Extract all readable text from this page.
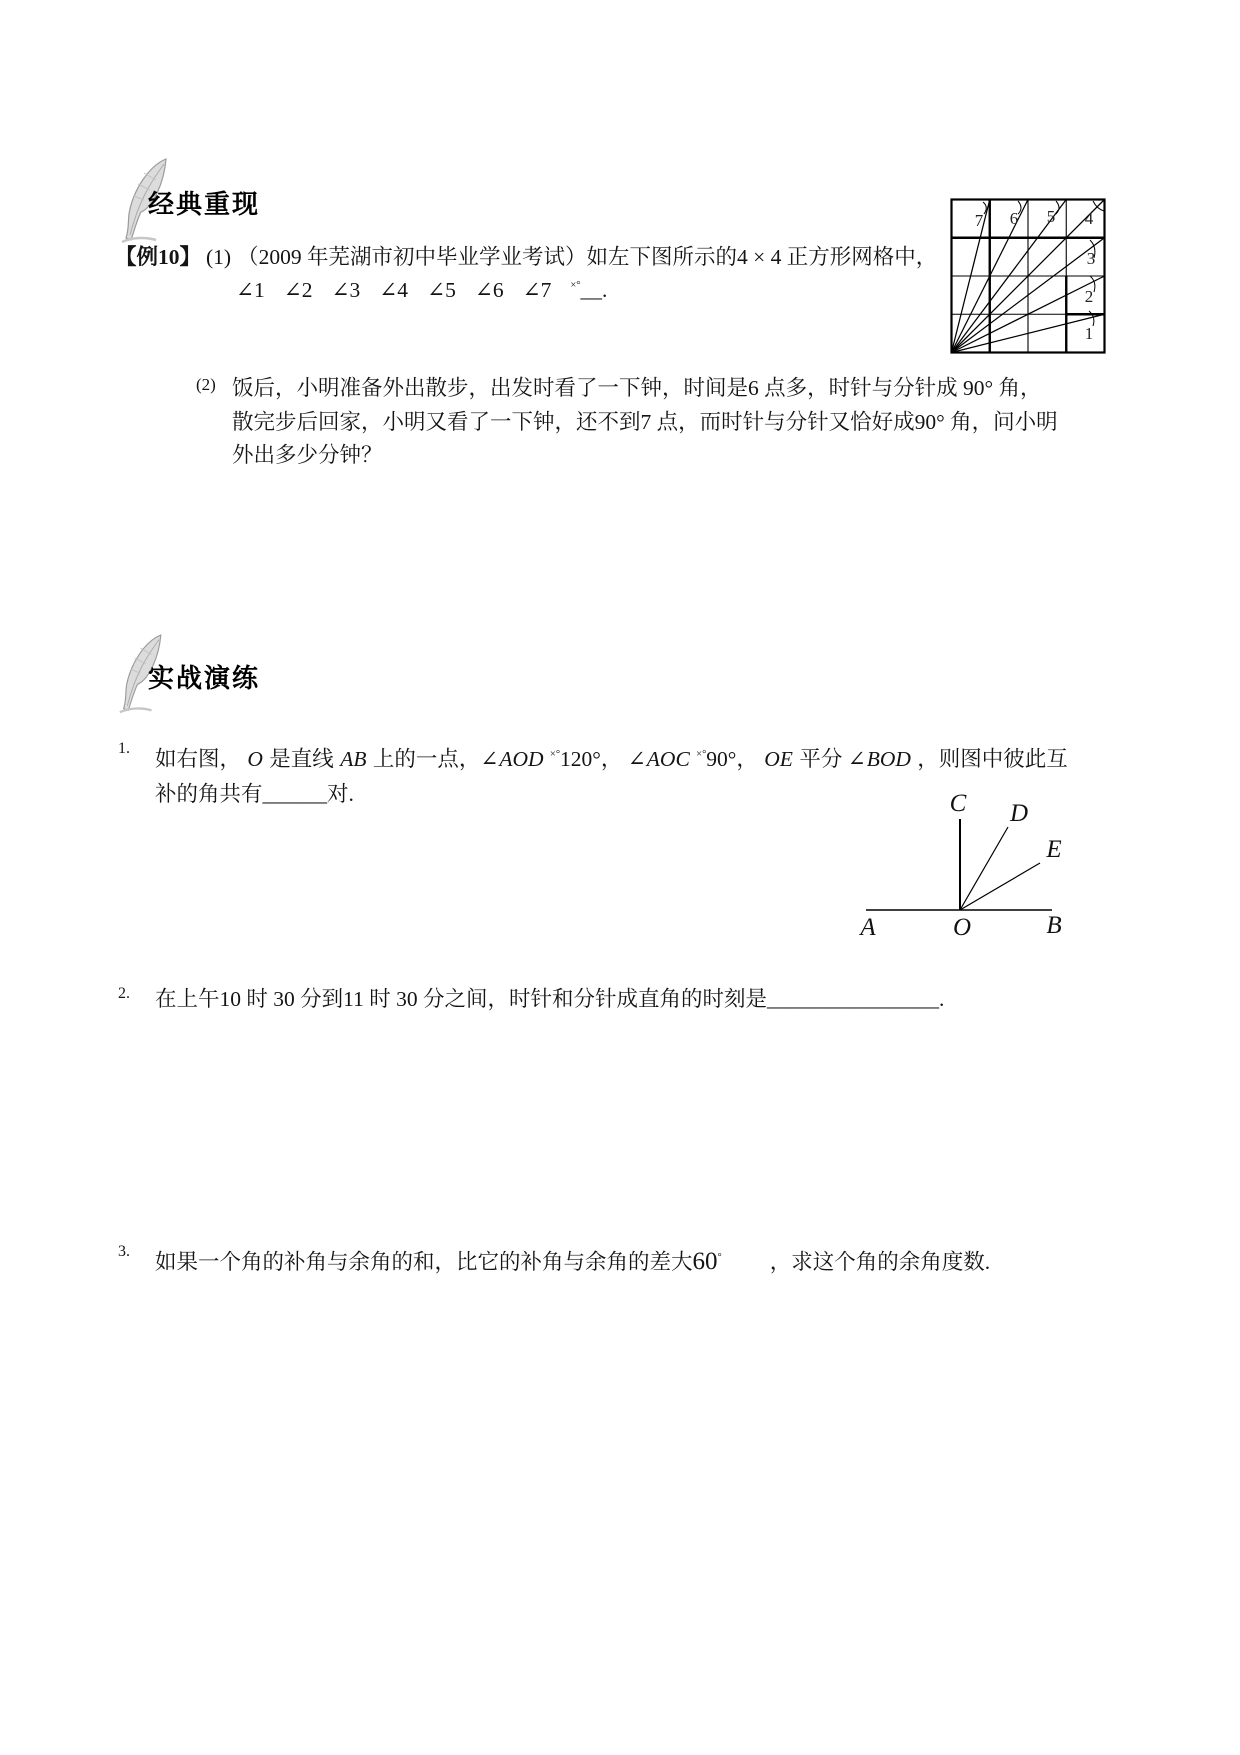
经典重现
【例10】 (1) （2009 年芜湖市初中毕业学业考试）如左下图所示的4 × 4 正方形网格中，
∠1 ∠2 ∠3 ∠4 ∠5 ∠6 ∠7 ×°__.
7 6 5 4
3
2
1
(2) 饭后，小明准备外出散步，出发时看了一下钟，时间是6 点多，时针与分针成 90° 角，
散完步后回家，小明又看了一下钟，还不到7 点，而时针与分针又恰好成90° 角，问小明
外出多少分钟？
实战演练
1.	如右图， O 是直线 AB 上的一点，∠AOD ×°120°， ∠AOC ×°90°， OE 平分 ∠BOD ，则图中彼此互
补的角共有______对.	C D
E
A	O	B
2.	在上午10 时 30 分到11 时 30 分之间，时针和分针成直角的时刻是________________.
3.	如果一个角的补角与余角的和，比它的补角与余角的差大60° ，求这个角的余角度数.
